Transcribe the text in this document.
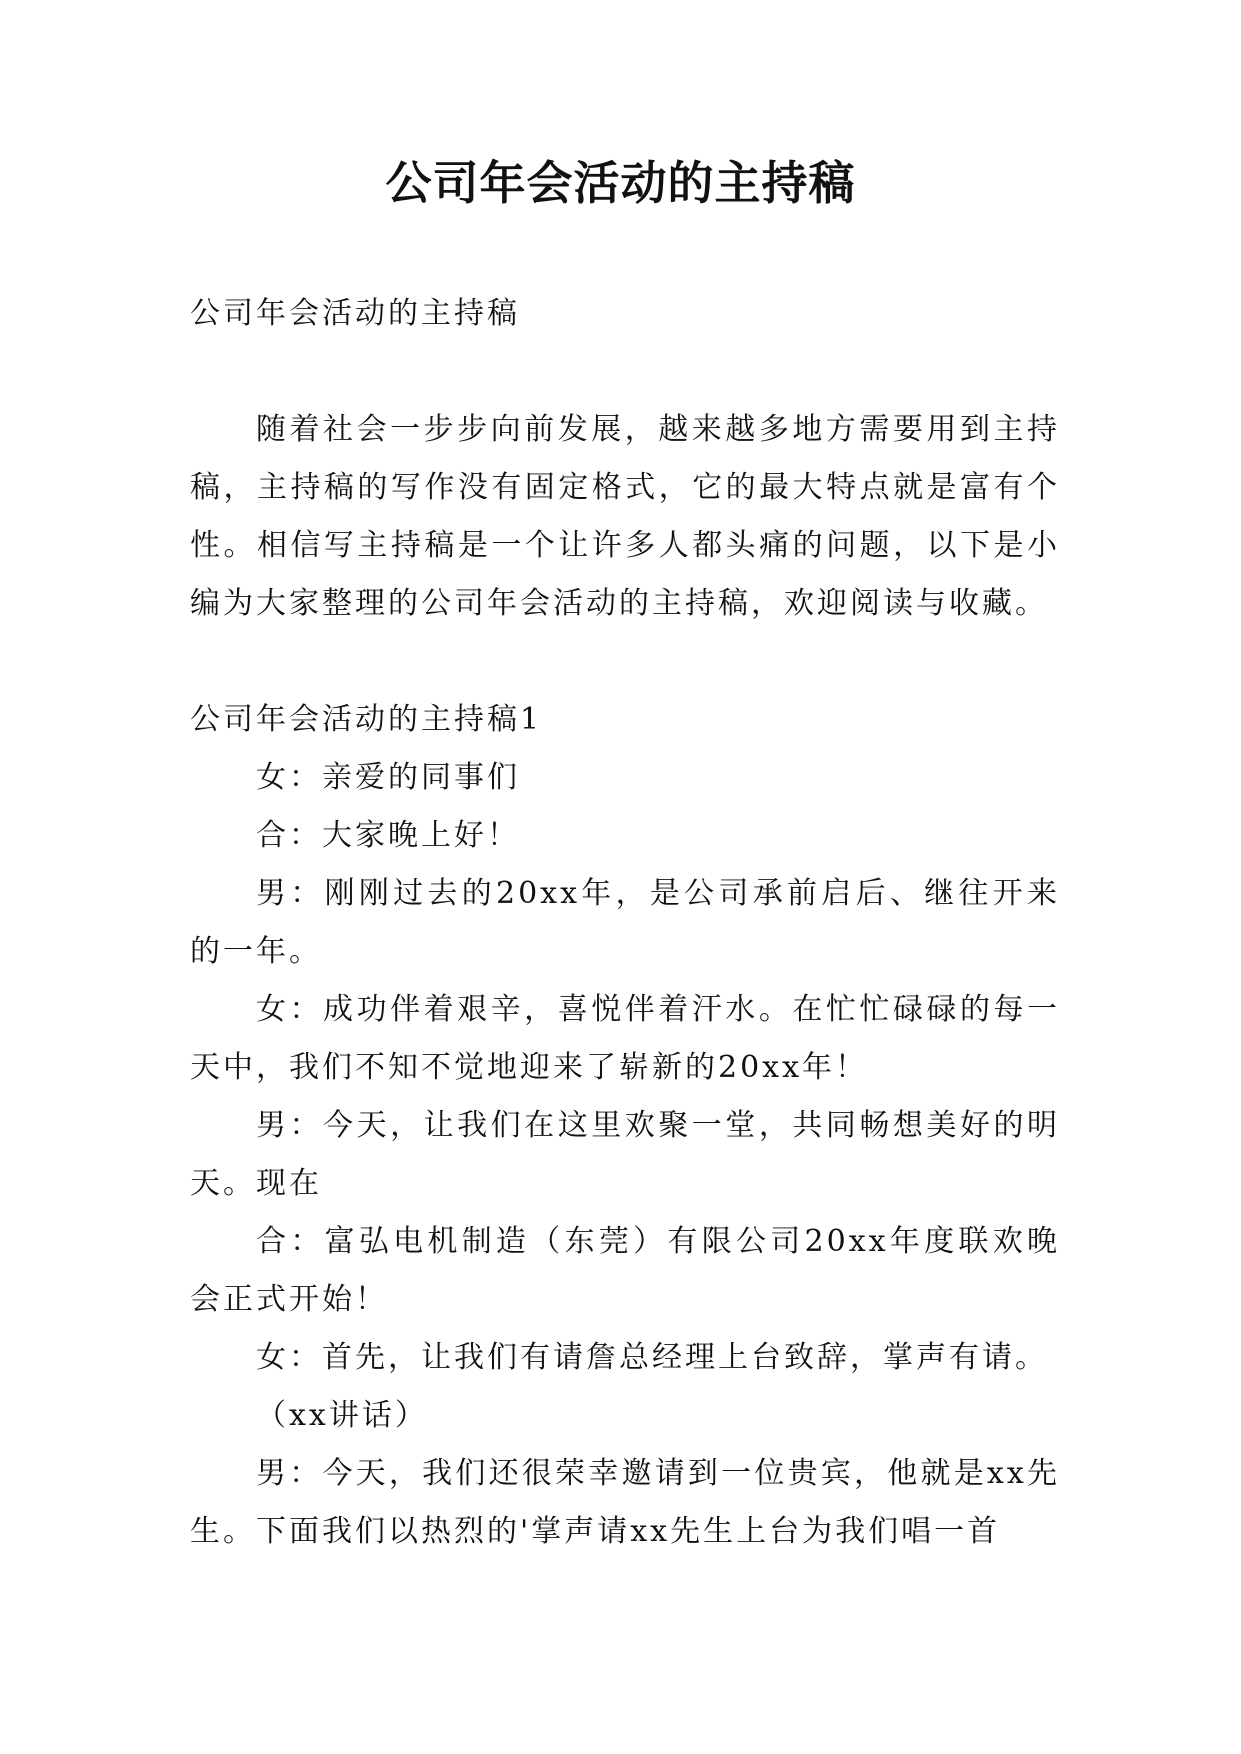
公司年会活动的主持稿

公司年会活动的主持稿

随着社会一步步向前发展，越来越多地方需要用到主持稿，主持稿的写作没有固定格式，它的最大特点就是富有个性。相信写主持稿是一个让许多人都头痛的问题，以下是小编为大家整理的公司年会活动的主持稿，欢迎阅读与收藏。

公司年会活动的主持稿1

女：亲爱的同事们

合：大家晚上好！

男：刚刚过去的20xx年，是公司承前启后、继往开来的一年。

女：成功伴着艰辛，喜悦伴着汗水。在忙忙碌碌的每一天中，我们不知不觉地迎来了崭新的20xx年！

男：今天，让我们在这里欢聚一堂，共同畅想美好的明天。现在

合：富弘电机制造（东莞）有限公司20xx年度联欢晚会正式开始！

女：首先，让我们有请詹总经理上台致辞，掌声有请。

（xx讲话）

男：今天，我们还很荣幸邀请到一位贵宾，他就是xx先生。下面我们以热烈的'掌声请xx先生上台为我们唱一首
